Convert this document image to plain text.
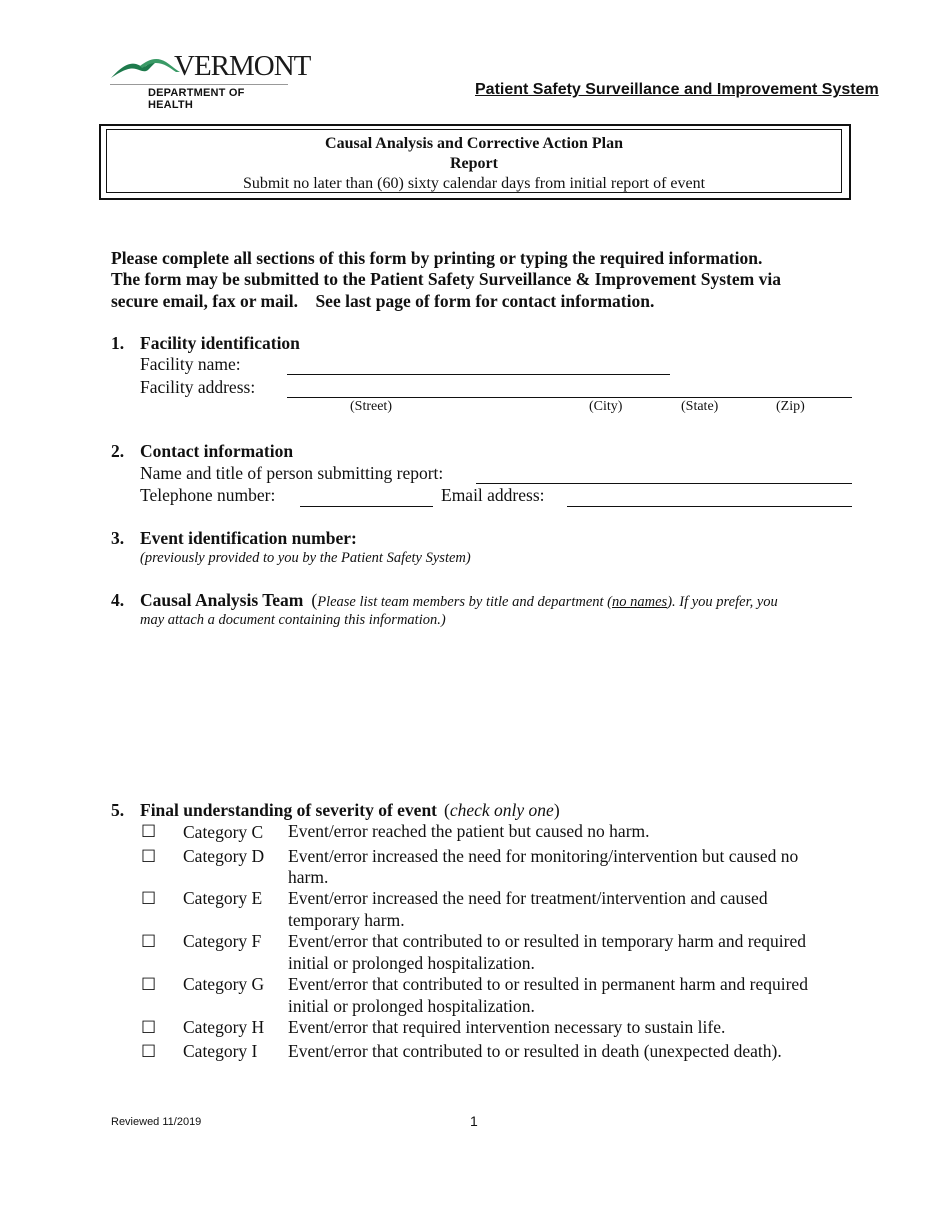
VERMONT
DEPARTMENT OF HEALTH
Patient Safety Surveillance and Improvement System
Causal Analysis and Corrective Action Plan
Report
Submit no later than (60) sixty calendar days from initial report of event
Please complete all sections of this form by printing or typing the required information.
The form may be submitted to the Patient Safety Surveillance & Improvement System via
secure email, fax or mail.    See last page of form for contact information.
1. Facility identification
Facility name:
Facility address:
(Street)	(City)	(State)	(Zip)
2. Contact information
Name and title of person submitting report:
Telephone number:	Email address:
3. Event identification number:
(previously provided to you by the Patient Safety System)
4. Causal Analysis Team (Please list team members by title and department (no names). If you prefer, you
may attach a document containing this information.)
5. Final understanding of severity of event (check only one)
☐ Category C Event/error reached the patient but caused no harm.
☐ Category D Event/error increased the need for monitoring/intervention but caused no
harm.
☐ Category E Event/error increased the need for treatment/intervention and caused
temporary harm.
☐ Category F Event/error that contributed to or resulted in temporary harm and required
initial or prolonged hospitalization.
☐ Category G Event/error that contributed to or resulted in permanent harm and required
initial or prolonged hospitalization.
☐ Category H Event/error that required intervention necessary to sustain life.
☐ Category I Event/error that contributed to or resulted in death (unexpected death).
Reviewed 11/2019	1
